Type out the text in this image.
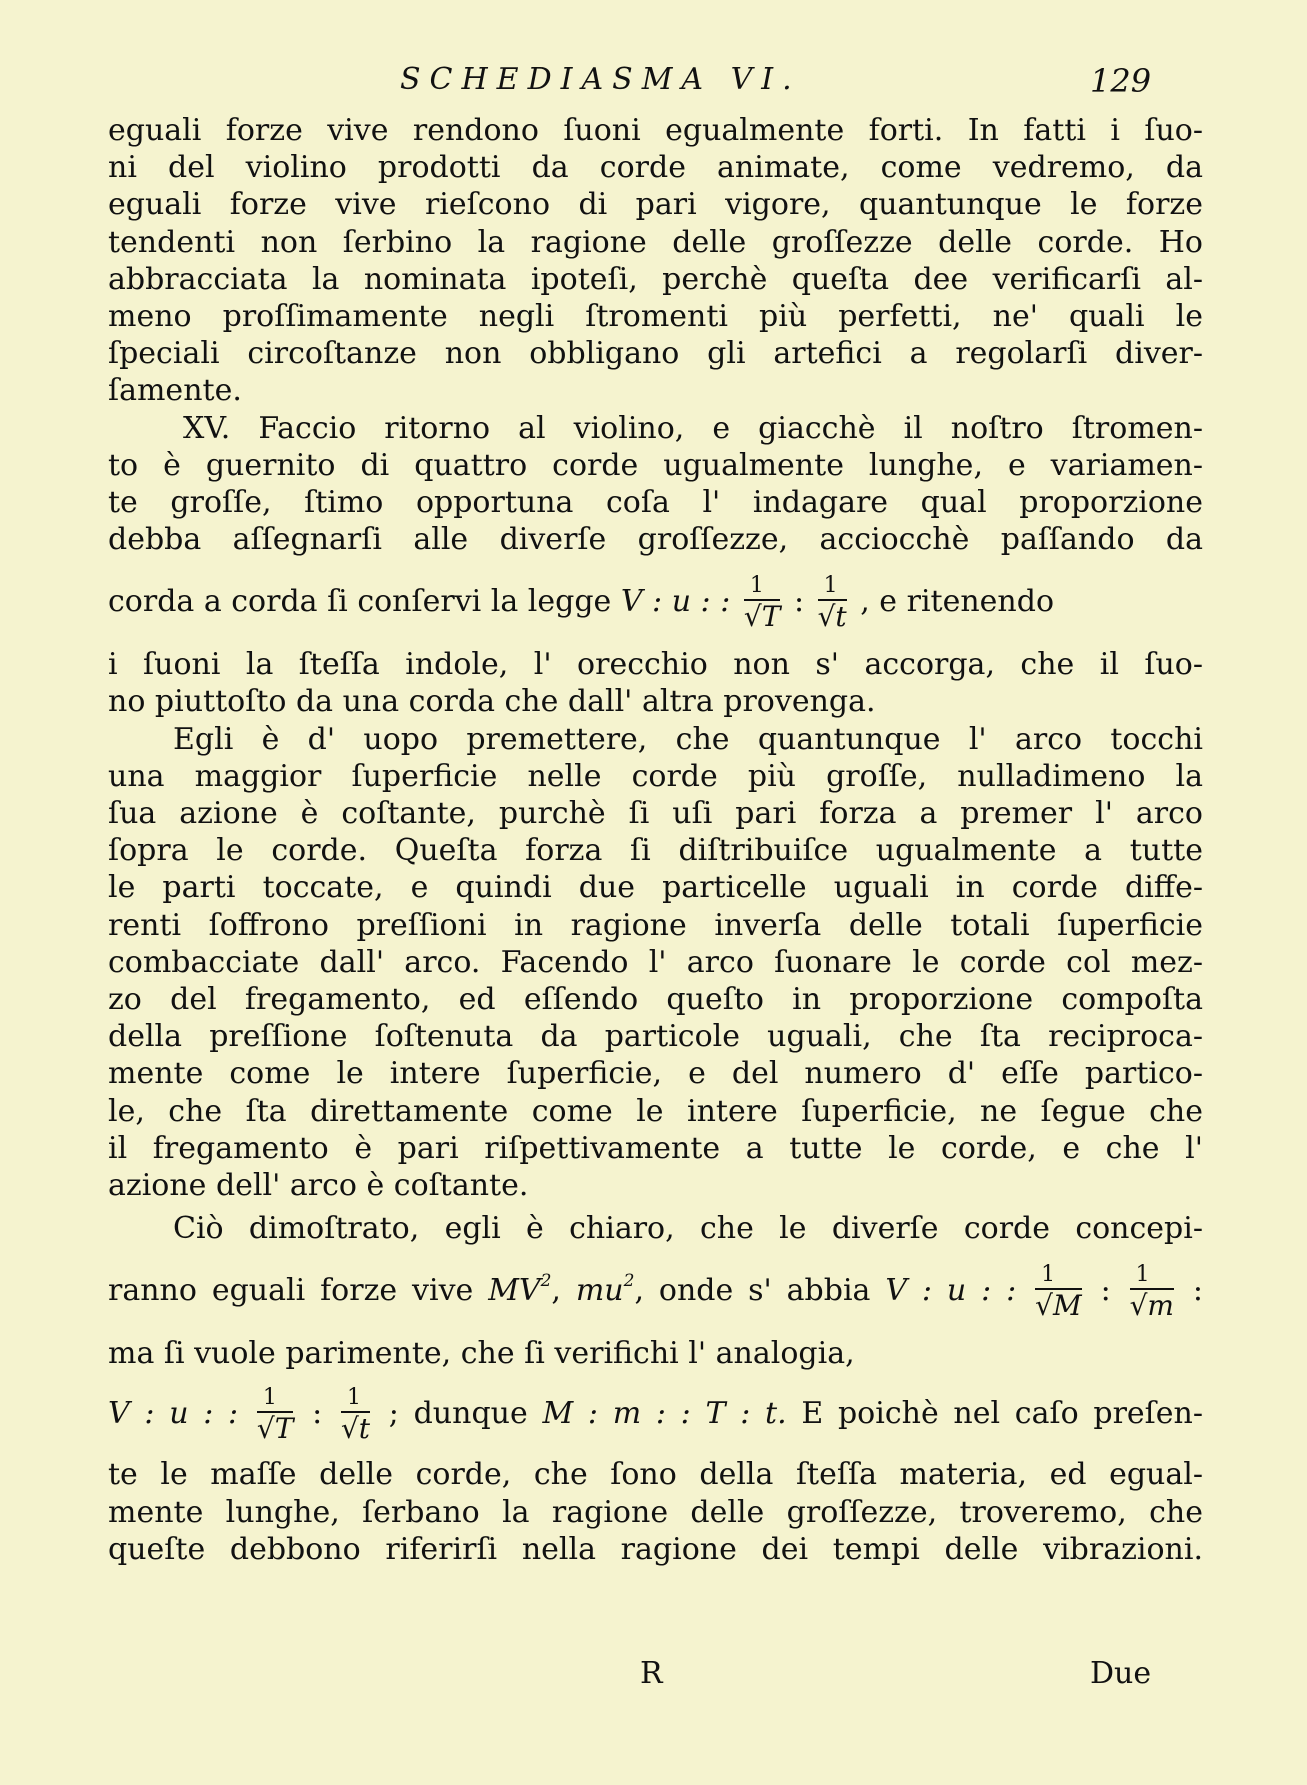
SCHEDIASMA VI.	129
eguali forze vive rendono ſuoni egualmente forti. In fatti i ſuo-
ni del violino prodotti da corde animate, come vedremo, da
eguali forze vive rieſcono di pari vigore, quantunque le forze
tendenti non ſerbino la ragione delle groſſezze delle corde. Ho
abbracciata la nominata ipoteſi, perchè queſta dee verificarſi al-
meno proſſimamente negli ſtromenti più perfetti, ne' quali le
ſpeciali circoſtanze non obbligano gli artefici a regolarſi diver-
ſamente.
XV. Faccio ritorno al violino, e giacchè il noſtro ſtromen-
to è guernito di quattro corde ugualmente lunghe, e variamen-
te groſſe, ſtimo opportuna coſa l' indagare qual proporzione
debba aſſegnarſi alle diverſe groſſezze, acciocchè paſſando da
corda a corda ſi conſervi la legge V : u : : $\frac{1}{√T}$ : $\frac{1}{√t}$ , e ritenendo
i ſuoni la ſteſſa indole, l' orecchio non s' accorga, che il ſuo-
no piuttoſto da una corda che dall' altra provenga.
Egli è d' uopo premettere, che quantunque l' arco tocchi
una maggior ſuperficie nelle corde più groſſe, nulladimeno la
ſua azione è coſtante, purchè ſi uſi pari forza a premer l' arco
ſopra le corde. Queſta forza ſi diſtribuiſce ugualmente a tutte
le parti toccate, e quindi due particelle uguali in corde diffe-
renti ſoffrono preſſioni in ragione inverſa delle totali ſuperficie
combacciate dall' arco. Facendo l' arco ſuonare le corde col mez-
zo del fregamento, ed eſſendo queſto in proporzione compoſta
della preſſione ſoſtenuta da particole uguali, che ſta reciproca-
mente come le intere ſuperficie, e del numero d' eſſe partico-
le, che ſta direttamente come le intere ſuperficie, ne ſegue che
il fregamento è pari riſpettivamente a tutte le corde, e che l'
azione dell' arco è coſtante.
Ciò dimoſtrato, egli è chiaro, che le diverſe corde concepi-
ranno eguali forze vive $MV^2$, $mu^2$, onde s' abbia V : u : : $\frac{1}{√M}$ : $\frac{1}{√m}$ :
ma ſi vuole parimente, che ſi verifichi l' analogia,
V : u : : $\frac{1}{√T}$ : $\frac{1}{√t}$ ; dunque M : m : : T : t. E poichè nel caſo preſen-
te le maſſe delle corde, che ſono della ſteſſa materia, ed egual-
mente lunghe, ſerbano la ragione delle groſſezze, troveremo, che
queſte debbono riferirſi nella ragione dei tempi delle vibrazioni.
R	Due
